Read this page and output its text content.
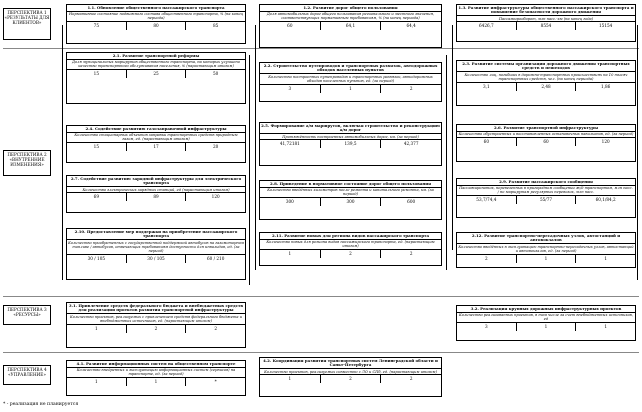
ПЕРСПЕКТИВА 1 «РЕЗУЛЬТАТЫ ДЛЯ КЛИЕНТОВ»
ПЕРСПЕКТИВА 2 «ВНУТРЕННИЕ ИЗМЕНЕНИЯ»
ПЕРСПЕКТИВА 3 «РЕСУРСЫ»
ПЕРСПЕКТИВА 4 «УПРАВЛЕНИЕ»
1.1. Обновление общественного пассажирского транспорта
Нормативное состояние подвижного состава общественного транспорта, % (на конец периода)
75	80	85
2.1. Развитие транспортной реформы
Доля муниципальных маршрутов общественного транспорта, на которых улучшено качество транспортного обслуживания населения, % (нарастающим итогом)
15	25	50
2.4. Содействие развитию газозаправочной инфраструктуры
Количество стационарных объектов заправки транспортных средств природным газом, ед. (нарастающим итогом)
15	17	20
2.7. Содействие развитию зарядной инфраструктуры для электрического транспорта
Количество электрических зарядных станций, ед (нарастающим итогом)
69	89	120
2.10. Предоставление мер поддержки на приобретение пассажирского транспорта
Количество приобретенных с государственной поддержкой автобусов на газомоторном топливе / автобусов, отвечающих требованиям доступности для инвалидов, ед. (за период)
30 / 105	30 / 105	60 / 210
3.1. Привлечение средств федерального бюджета и внебюджетных средств для реализации проектов развития транспортной инфраструктуры
Количество проектов, реализуемых с привлечением средств федерального бюджета и внебюджетных источников, ед. (нарастающим итогом)
1	2	2
4.1. Развитие информационных систем на общественном транспорте
Количество внедренных и эксплуатацию информационных систем (сервисов) на транспорте, ед. (за период)
1	1	*
1.2. Развитие дорог общего пользования
Доля автомобильных дорог общего пользования регионального и местного значения, соответствующих нормативным требованиям, % (на конец периода)
60	64,1	64,4
2.2. Строительство путепроводов и транспортных развязок, автодорожных обходов населенных пунктов
Количество построенных путепроводов и транспортных развязок, автодорожных обходов населенных пунктов, ед. (за период)
3	1	2
2.5. Формирование а/м маршрутов, включая строительство и реконструкцию а/м дорог
Протяжённость построенных автомобильных дорог, км. (за период)
41,72181	139,5	42,377
2.8. Приведение в нормативное состояние дорог общего пользования
Количество введённых километров после ремонта и капитального ремонта, км. (за период)
300	300	600
2.11. Развитие новых для региона видов пассажирского транспорта
Количество новых для региона видов пассажирского транспорта, ед. (нарастающим итогом)
1	2	2
4.2. Координация развития транспортных систем Ленинградской области и Санкт-Петербурга
Количество проектов, реализуемых совместно с ЛО и СПб, ед. (нарастающим итогом)
1	2	2
1.3. Развитие инфраструктуры общественного пассажирского транспорта и повышение безопасности дорожного движения
Пассажирооборот, млн пасс.-км (на конец года)
6426,7	8554	15154
2.3. Развитие системы организации дорожного движения транспортных средств и пешеходов
Количество лиц, погибших в дорожно-транспортных происшествиях на 10 тысяч транспортных средств, чел. (на конец периода)
3,1	2,48	1,86
2.6. Развитие транспортной инфраструктуры
Количество обустроенных и восстановленных остановочных павильонов, ед. (за период)
60	60	120
2.9. Развитие пассажирского сообщения
Пассажиропоток, перевезенных в пригородном сообщении ж/д транспортом, млн пасс. / по маршрутам регулярных перевозок, млн пасс.
53,7/74,4	55/77	60,1/84,2
2.12. Развитие транспортно-пересадочных узлов, автостанций и автовокзалов
Количество введённых в эксплуатацию транспортно-пересадочных узлов, автостанций и автовокзалов, ед. (за период)
2	1	1
3.2. Реализация крупных дорожных инфраструктурных проектов
Количество реализованных проектов, в том числе за счет внебюджетных источников, ед
3	1	1
* - реализация не планируется
